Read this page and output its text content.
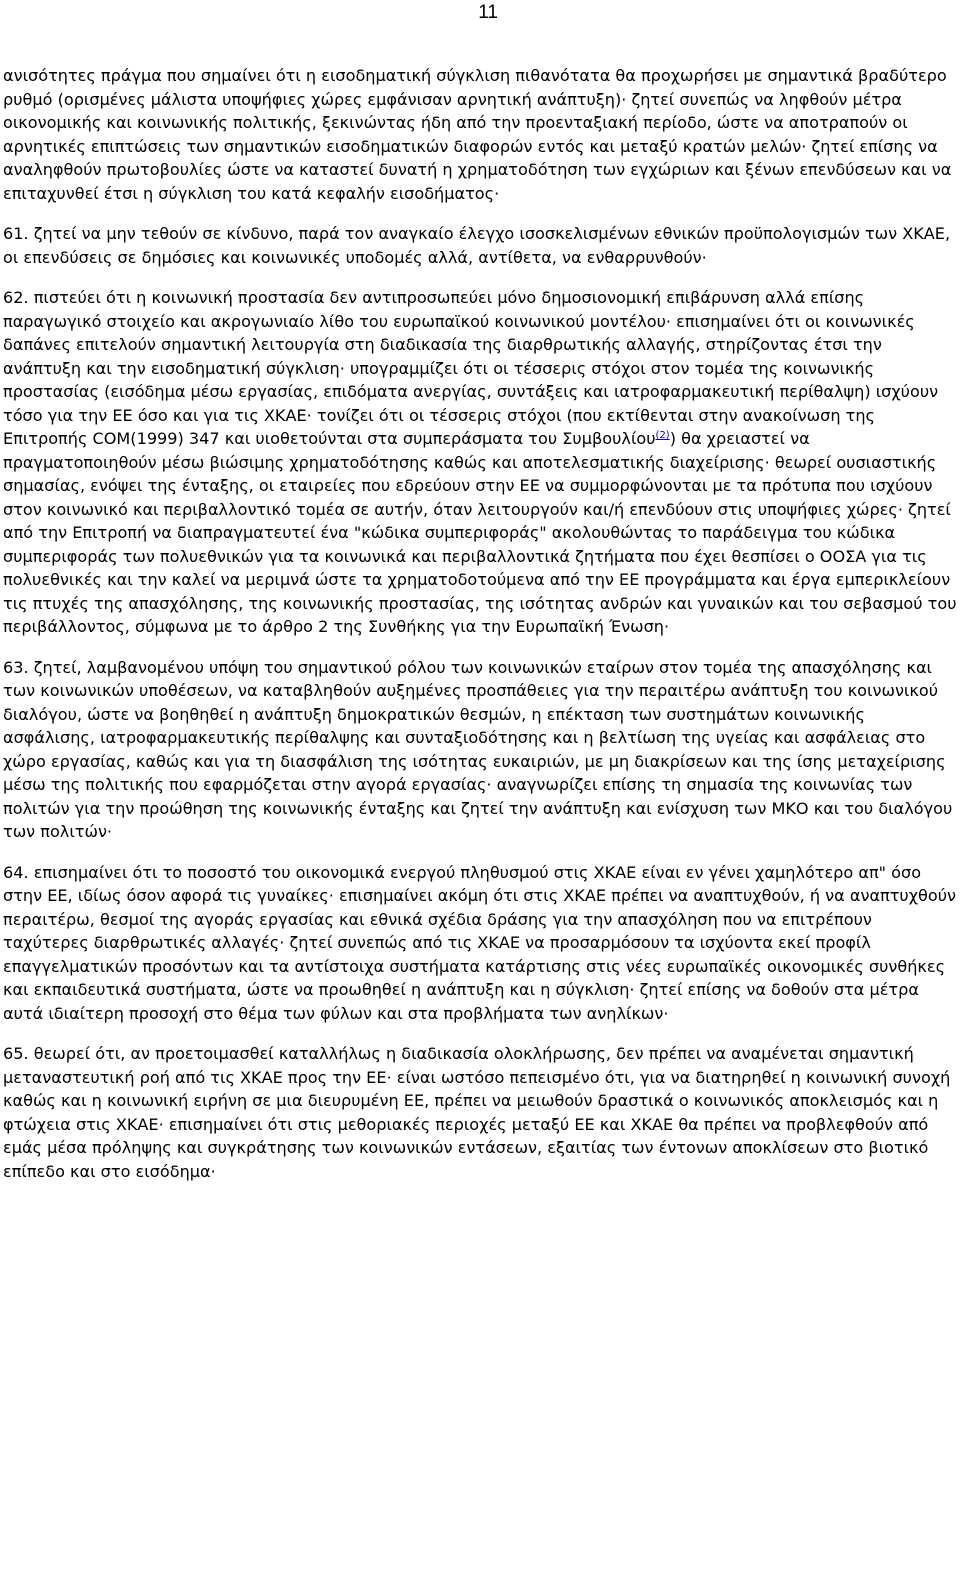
11
ανισότητες πράγμα που σημαίνει ότι η εισοδηματική σύγκλιση πιθανότατα θα προχωρήσει με σημαντικά βραδύτερο ρυθμό (ορισμένες μάλιστα υποψήφιες χώρες εμφάνισαν αρνητική ανάπτυξη)· ζητεί συνεπώς να ληφθούν μέτρα οικονομικής και κοινωνικής πολιτικής, ξεκινώντας ήδη από την προενταξιακή περίοδο, ώστε να αποτραπούν οι αρνητικές επιπτώσεις των σημαντικών εισοδηματικών διαφορών εντός και μεταξύ κρατών μελών· ζητεί επίσης να αναληφθούν πρωτοβουλίες ώστε να καταστεί δυνατή η χρηματοδότηση των εγχώριων και ξένων επενδύσεων και να επιταχυνθεί έτσι η σύγκλιση του κατά κεφαλήν εισοδήματος·
61. ζητεί να μην τεθούν σε κίνδυνο, παρά τον αναγκαίο έλεγχο ισοσκελισμένων εθνικών προϋπολογισμών των ΧΚΑΕ, οι επενδύσεις σε δημόσιες και κοινωνικές υποδομές αλλά, αντίθετα, να ενθαρρυνθούν·
62. πιστεύει ότι η κοινωνική προστασία δεν αντιπροσωπεύει μόνο δημοσιονομική επιβάρυνση αλλά επίσης παραγωγικό στοιχείο και ακρογωνιαίο λίθο του ευρωπαϊκού κοινωνικού μοντέλου· επισημαίνει ότι οι κοινωνικές δαπάνες επιτελούν σημαντική λειτουργία στη διαδικασία της διαρθρωτικής αλλαγής, στηρίζοντας έτσι την ανάπτυξη και την εισοδηματική σύγκλιση· υπογραμμίζει ότι οι τέσσερις στόχοι στον τομέα της κοινωνικής προστασίας (εισόδημα μέσω εργασίας, επιδόματα ανεργίας, συντάξεις και ιατροφαρμακευτική περίθαλψη) ισχύουν τόσο για την ΕΕ όσο και για τις ΧΚΑΕ· τονίζει ότι οι τέσσερις στόχοι (που εκτίθενται στην ανακοίνωση της Επιτροπής COM(1999) 347 και υιοθετούνται στα συμπεράσματα του Συμβουλίου$^{(2)}$) θα χρειαστεί να πραγματοποιηθούν μέσω βιώσιμης χρηματοδότησης καθώς και αποτελεσματικής διαχείρισης· θεωρεί ουσιαστικής σημασίας, ενόψει της ένταξης, οι εταιρείες που εδρεύουν στην ΕΕ να συμμορφώνονται με τα πρότυπα που ισχύουν στον κοινωνικό και περιβαλλοντικό τομέα σε αυτήν, όταν λειτουργούν και/ή επενδύουν στις υποψήφιες χώρες· ζητεί από την Επιτροπή να διαπραγματευτεί ένα "κώδικα συμπεριφοράς" ακολουθώντας το παράδειγμα του κώδικα συμπεριφοράς των πολυεθνικών για τα κοινωνικά και περιβαλλοντικά ζητήματα που έχει θεσπίσει ο ΟΟΣΑ για τις πολυεθνικές και την καλεί να μεριμνά ώστε τα χρηματοδοτούμενα από την ΕΕ προγράμματα και έργα εμπερικλείουν τις πτυχές της απασχόλησης, της κοινωνικής προστασίας, της ισότητας ανδρών και γυναικών και του σεβασμού του περιβάλλοντος, σύμφωνα με το άρθρο 2 της Συνθήκης για την Ευρωπαϊκή Ένωση·
63. ζητεί, λαμβανομένου υπόψη του σημαντικού ρόλου των κοινωνικών εταίρων στον τομέα της απασχόλησης και των κοινωνικών υποθέσεων, να καταβληθούν αυξημένες προσπάθειες για την περαιτέρω ανάπτυξη του κοινωνικού διαλόγου, ώστε να βοηθηθεί η ανάπτυξη δημοκρατικών θεσμών, η επέκταση των συστημάτων κοινωνικής ασφάλισης, ιατροφαρμακευτικής περίθαλψης και συνταξιοδότησης και η βελτίωση της υγείας και ασφάλειας στο χώρο εργασίας, καθώς και για τη διασφάλιση της ισότητας ευκαιριών, με μη διακρίσεων και της ίσης μεταχείρισης μέσω της πολιτικής που εφαρμόζεται στην αγορά εργασίας· αναγνωρίζει επίσης τη σημασία της κοινωνίας των πολιτών για την προώθηση της κοινωνικής ένταξης και ζητεί την ανάπτυξη και ενίσχυση των ΜΚΟ και του διαλόγου των πολιτών·
64. επισημαίνει ότι το ποσοστό του οικονομικά ενεργού πληθυσμού στις ΧΚΑΕ είναι εν γένει χαμηλότερο απ" όσο στην ΕΕ, ιδίως όσον αφορά τις γυναίκες· επισημαίνει ακόμη ότι στις ΧΚΑΕ πρέπει να αναπτυχθούν, ή να αναπτυχθούν περαιτέρω, θεσμοί της αγοράς εργασίας και εθνικά σχέδια δράσης για την απασχόληση που να επιτρέπουν ταχύτερες διαρθρωτικές αλλαγές· ζητεί συνεπώς από τις ΧΚΑΕ να προσαρμόσουν τα ισχύοντα εκεί προφίλ επαγγελματικών προσόντων και τα αντίστοιχα συστήματα κατάρτισης στις νέες ευρωπαϊκές οικονομικές συνθήκες και εκπαιδευτικά συστήματα, ώστε να προωθηθεί η ανάπτυξη και η σύγκλιση· ζητεί επίσης να δοθούν στα μέτρα αυτά ιδιαίτερη προσοχή στο θέμα των φύλων και στα προβλήματα των ανηλίκων·
65. θεωρεί ότι, αν προετοιμασθεί καταλλήλως η διαδικασία ολοκλήρωσης, δεν πρέπει να αναμένεται σημαντική μεταναστευτική ροή από τις ΧΚΑΕ προς την ΕΕ· είναι ωστόσο πεπεισμένο ότι, για να διατηρηθεί η κοινωνική συνοχή καθώς και η κοινωνική ειρήνη σε μια διευρυμένη ΕΕ, πρέπει να μειωθούν δραστικά ο κοινωνικός αποκλεισμός και η φτώχεια στις ΧΚΑΕ· επισημαίνει ότι στις μεθοριακές περιοχές μεταξύ ΕΕ και ΧΚΑΕ θα πρέπει να προβλεφθούν από εμάς μέσα πρόληψης και συγκράτησης των κοινωνικών εντάσεων, εξαιτίας των έντονων αποκλίσεων στο βιοτικό επίπεδο και στο εισόδημα·
